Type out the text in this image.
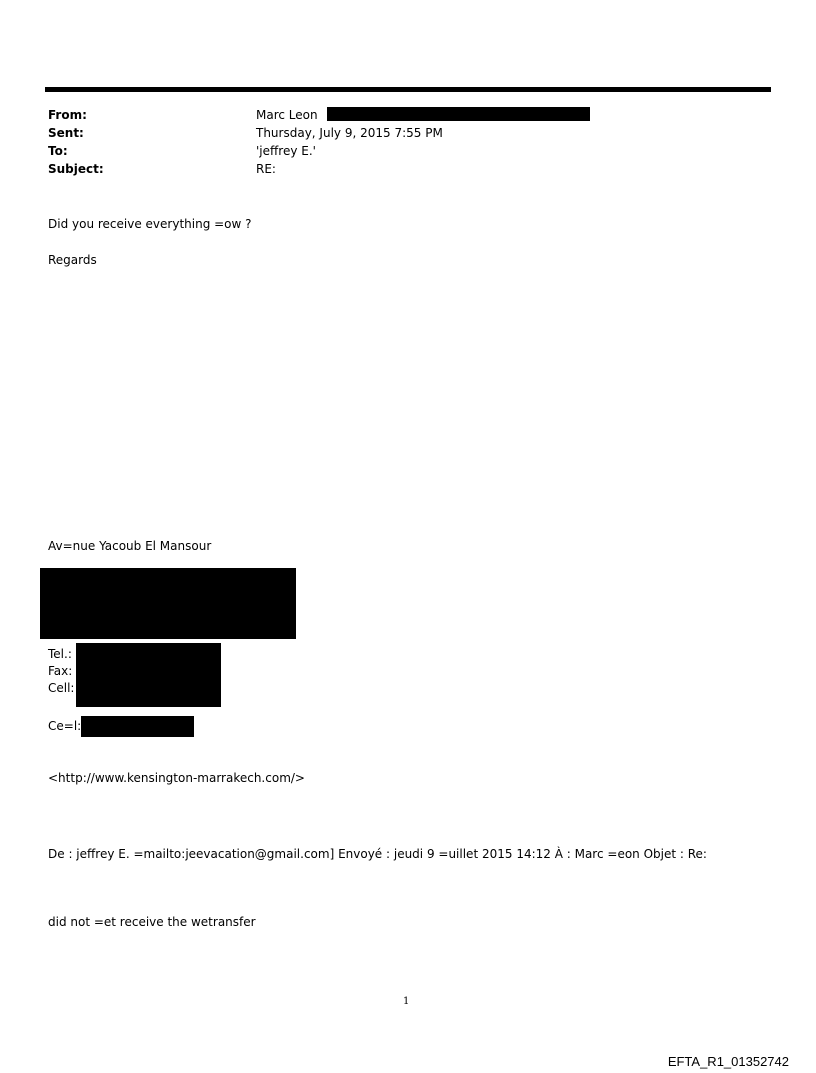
From:	Marc Leon
Sent:	Thursday, July 9, 2015 7:55 PM
To:	'jeffrey E.'
Subject:	RE:
Did you receive everything =ow ?
Regards
Av=nue Yacoub El Mansour
Tel.:
Fax:
Cell:
Ce=l:
<http://www.kensington-marrakech.com/>
De : jeffrey E. =mailto:jeevacation@gmail.com] Envoyé : jeudi 9 =uillet 2015 14:12 À : Marc =eon Objet : Re:
did not =et receive the wetransfer
1
EFTA_R1_01352742
